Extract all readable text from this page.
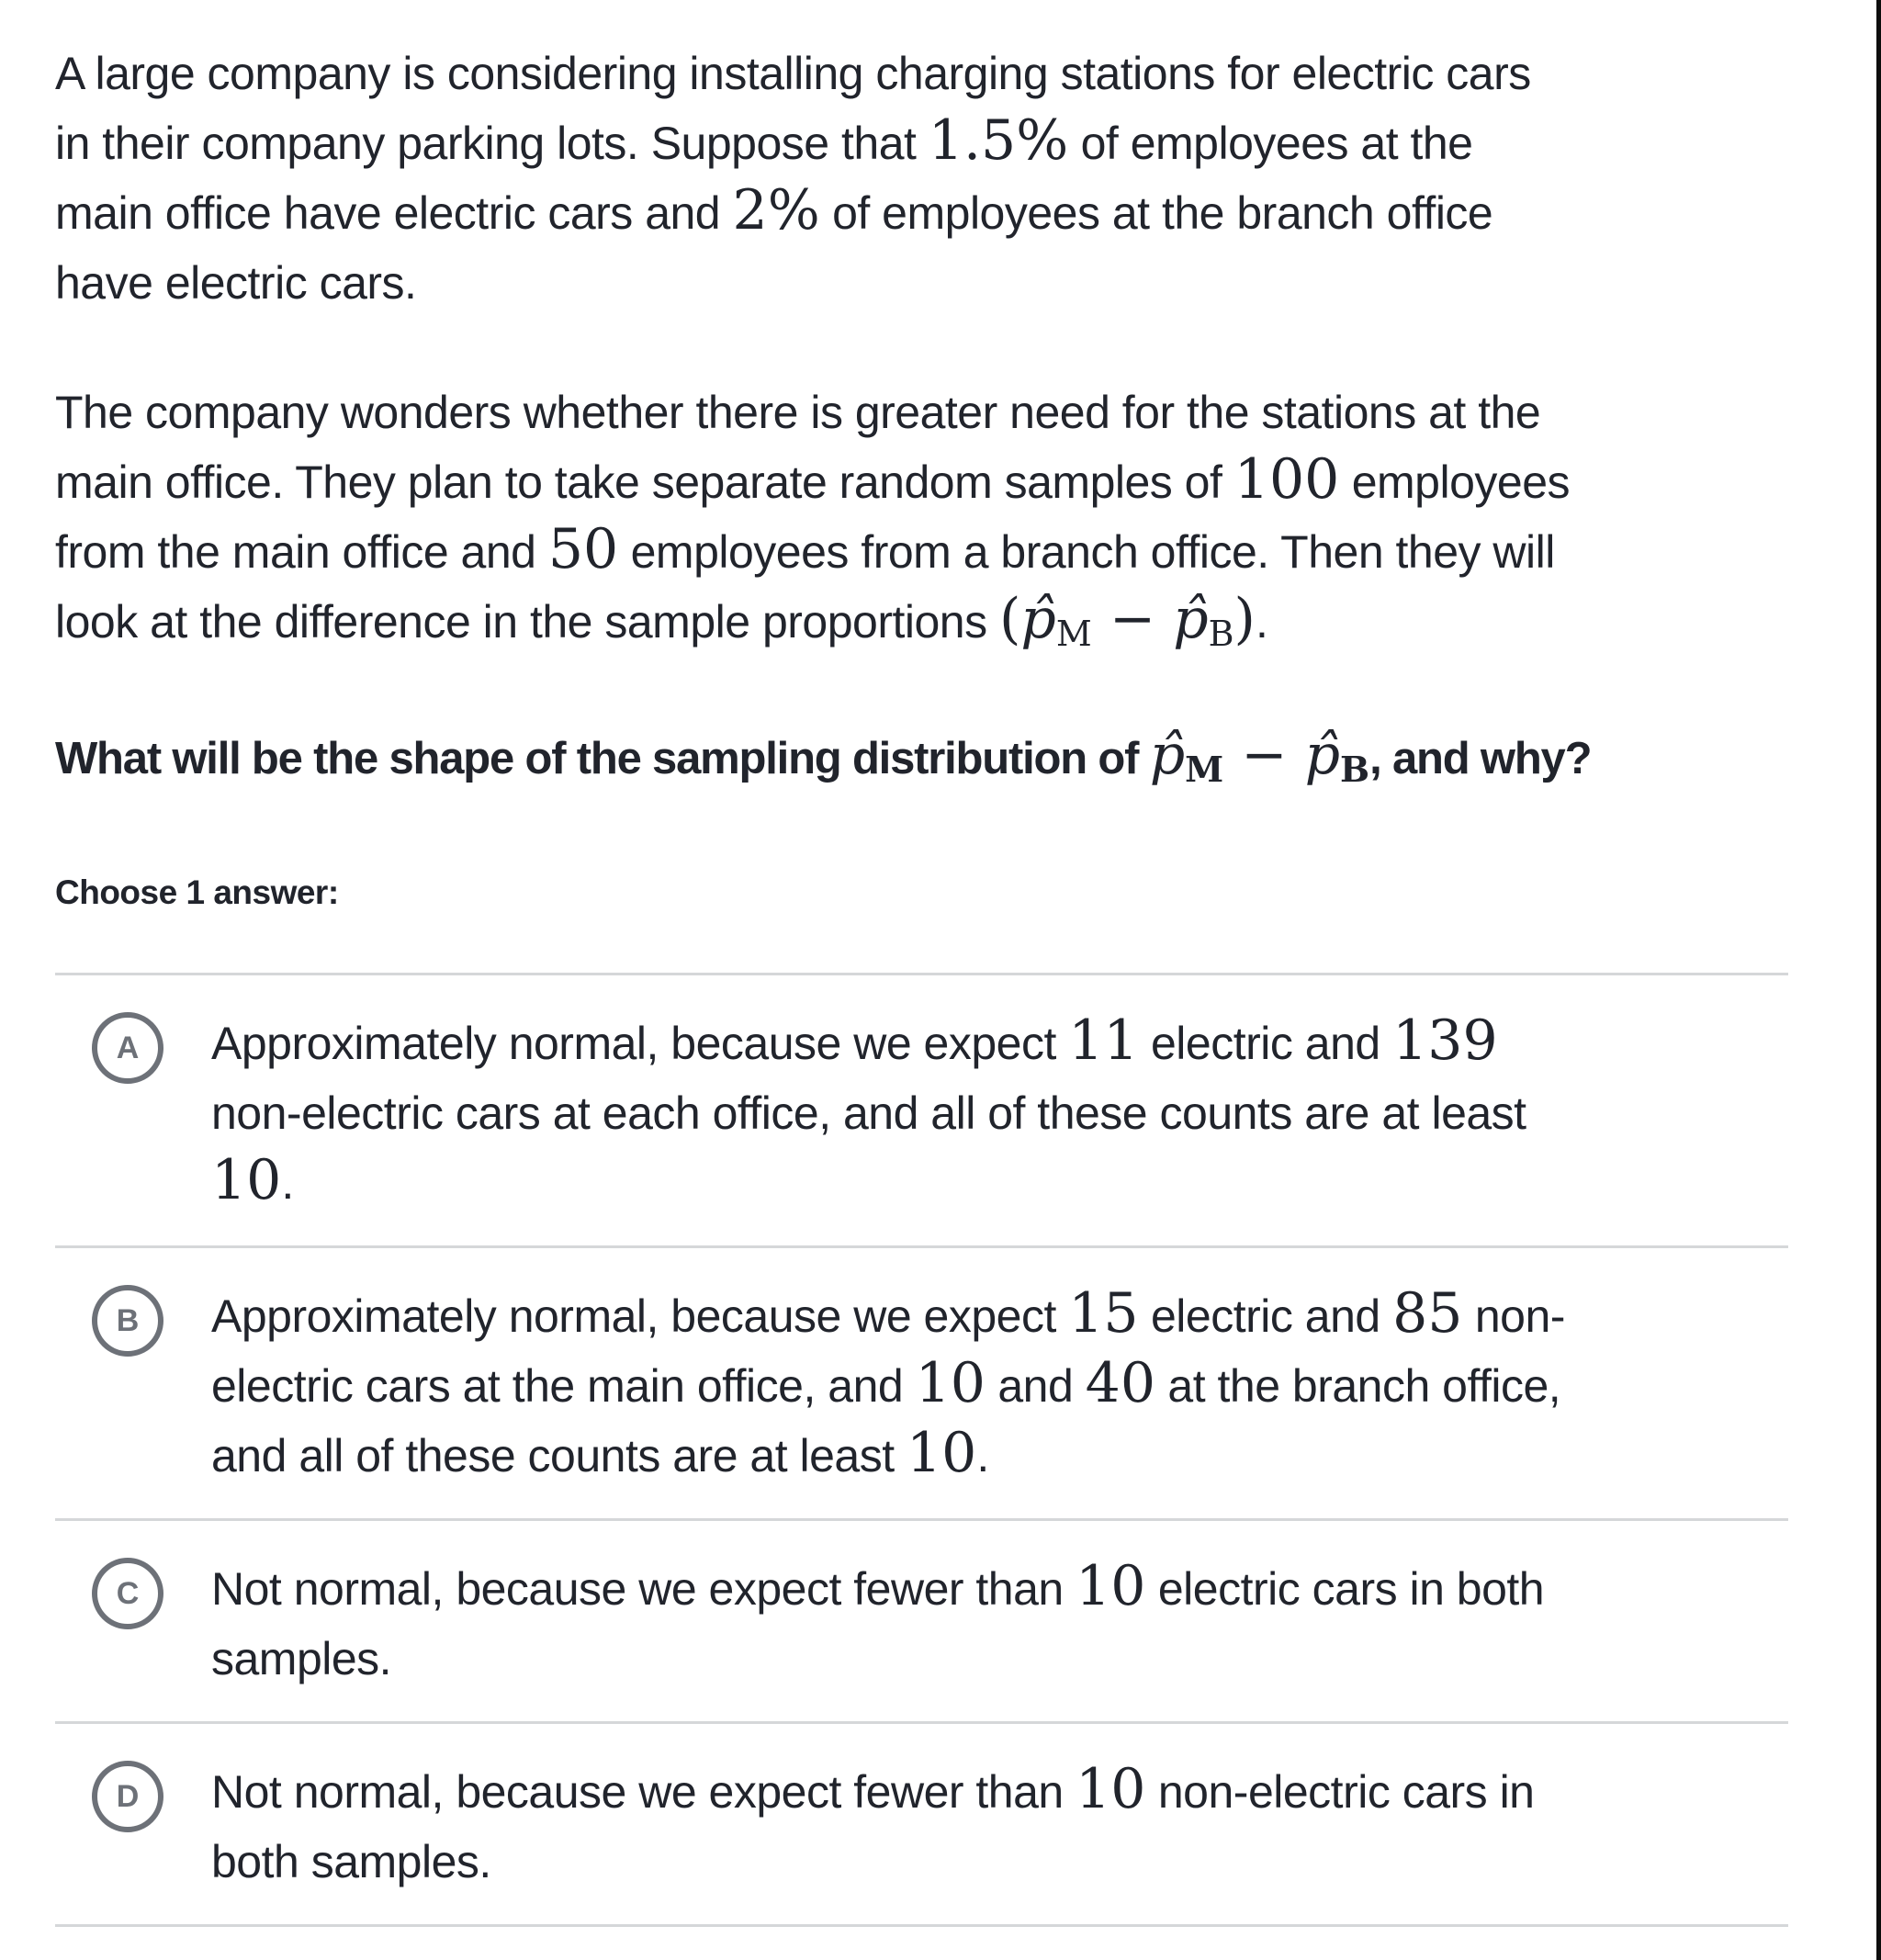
A large company is considering installing charging stations for electric cars
in their company parking lots. Suppose that 1.5% of employees at the
main office have electric cars and 2% of employees at the branch office
have electric cars.
The company wonders whether there is greater need for the stations at the
main office. They plan to take separate random samples of 100 employees
from the main office and 50 employees from a branch office. Then they will
look at the difference in the sample proportions (p̂M − p̂B).
What will be the shape of the sampling distribution of p̂M − p̂B, and why?
Choose 1 answer:
A Approximately normal, because we expect 11 electric and 139
non-electric cars at each office, and all of these counts are at least
10.
B Approximately normal, because we expect 15 electric and 85 non-
electric cars at the main office, and 10 and 40 at the branch office,
and all of these counts are at least 10.
C Not normal, because we expect fewer than 10 electric cars in both
samples.
D Not normal, because we expect fewer than 10 non-electric cars in
both samples.
